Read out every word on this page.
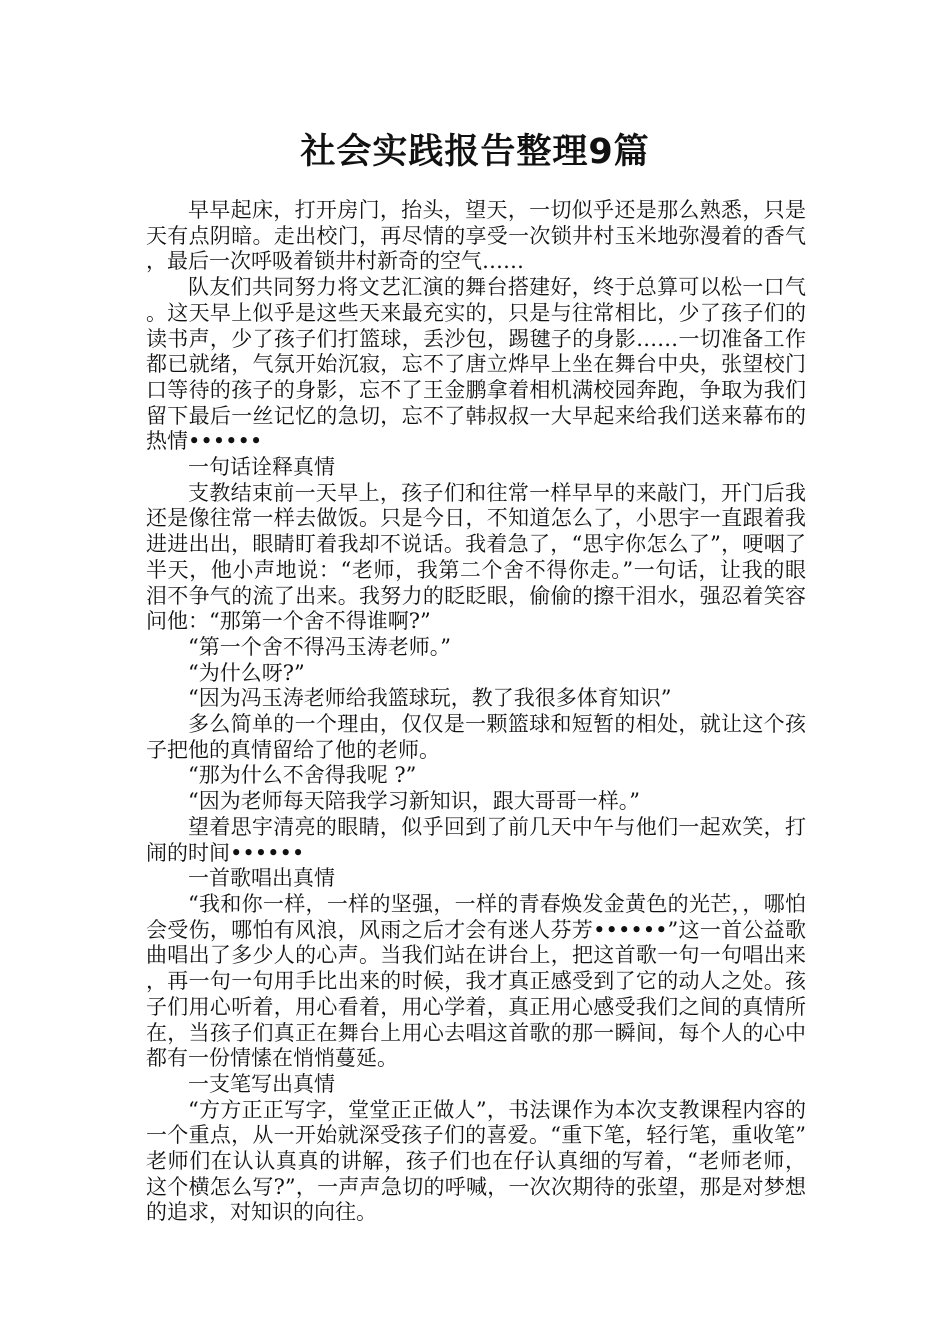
社会实践报告整理9篇

早早起床，打开房门，抬头，望天，一切似乎还是那么熟悉，只是天有点阴暗。走出校门，再尽情的享受一次锁井村玉米地弥漫着的香气，最后一次呼吸着锁井村新奇的空气……

队友们共同努力将文艺汇演的舞台搭建好，终于总算可以松一口气。这天早上似乎是这些天来最充实的，只是与往常相比，少了孩子们的读书声，少了孩子们打篮球，丢沙包，踢毽子的身影……一切准备工作都已就绪，气氛开始沉寂，忘不了唐立烨早上坐在舞台中央，张望校门口等待的孩子的身影，忘不了王金鹏拿着相机满校园奔跑，争取为我们留下最后一丝记忆的急切，忘不了韩叔叔一大早起来给我们送来幕布的热情••••••

一句话诠释真情

支教结束前一天早上，孩子们和往常一样早早的来敲门，开门后我还是像往常一样去做饭。只是今日，不知道怎么了，小思宇一直跟着我进进出出，眼睛盯着我却不说话。我着急了，“思宇你怎么了”，哽咽了半天，他小声地说：“老师，我第二个舍不得你走。”一句话，让我的眼泪不争气的流了出来。我努力的眨眨眼，偷偷的擦干泪水，强忍着笑容问他：“那第一个舍不得谁啊?”

“第一个舍不得冯玉涛老师。”

“为什么呀?”

“因为冯玉涛老师给我篮球玩，教了我很多体育知识”

多么简单的一个理由，仅仅是一颗篮球和短暂的相处，就让这个孩子把他的真情留给了他的老师。

“那为什么不舍得我呢 ?”

“因为老师每天陪我学习新知识，跟大哥哥一样。”

望着思宇清亮的眼睛，似乎回到了前几天中午与他们一起欢笑，打闹的时间••••••

一首歌唱出真情

“我和你一样，一样的坚强，一样的青春焕发金黄色的光芒，，哪怕会受伤，哪怕有风浪，风雨之后才会有迷人芬芳••••••”这一首公益歌曲唱出了多少人的心声。当我们站在讲台上，把这首歌一句一句唱出来，再一句一句用手比出来的时候，我才真正感受到了它的动人之处。孩子们用心听着，用心看着，用心学着，真正用心感受我们之间的真情所在，当孩子们真正在舞台上用心去唱这首歌的那一瞬间，每个人的心中都有一份情愫在悄悄蔓延。

一支笔写出真情

“方方正正写字，堂堂正正做人”，书法课作为本次支教课程内容的一个重点，从一开始就深受孩子们的喜爱。“重下笔，轻行笔，重收笔”老师们在认认真真的讲解，孩子们也在仔认真细的写着，“老师老师，这个横怎么写?”，一声声急切的呼喊，一次次期待的张望，那是对梦想的追求，对知识的向往。
